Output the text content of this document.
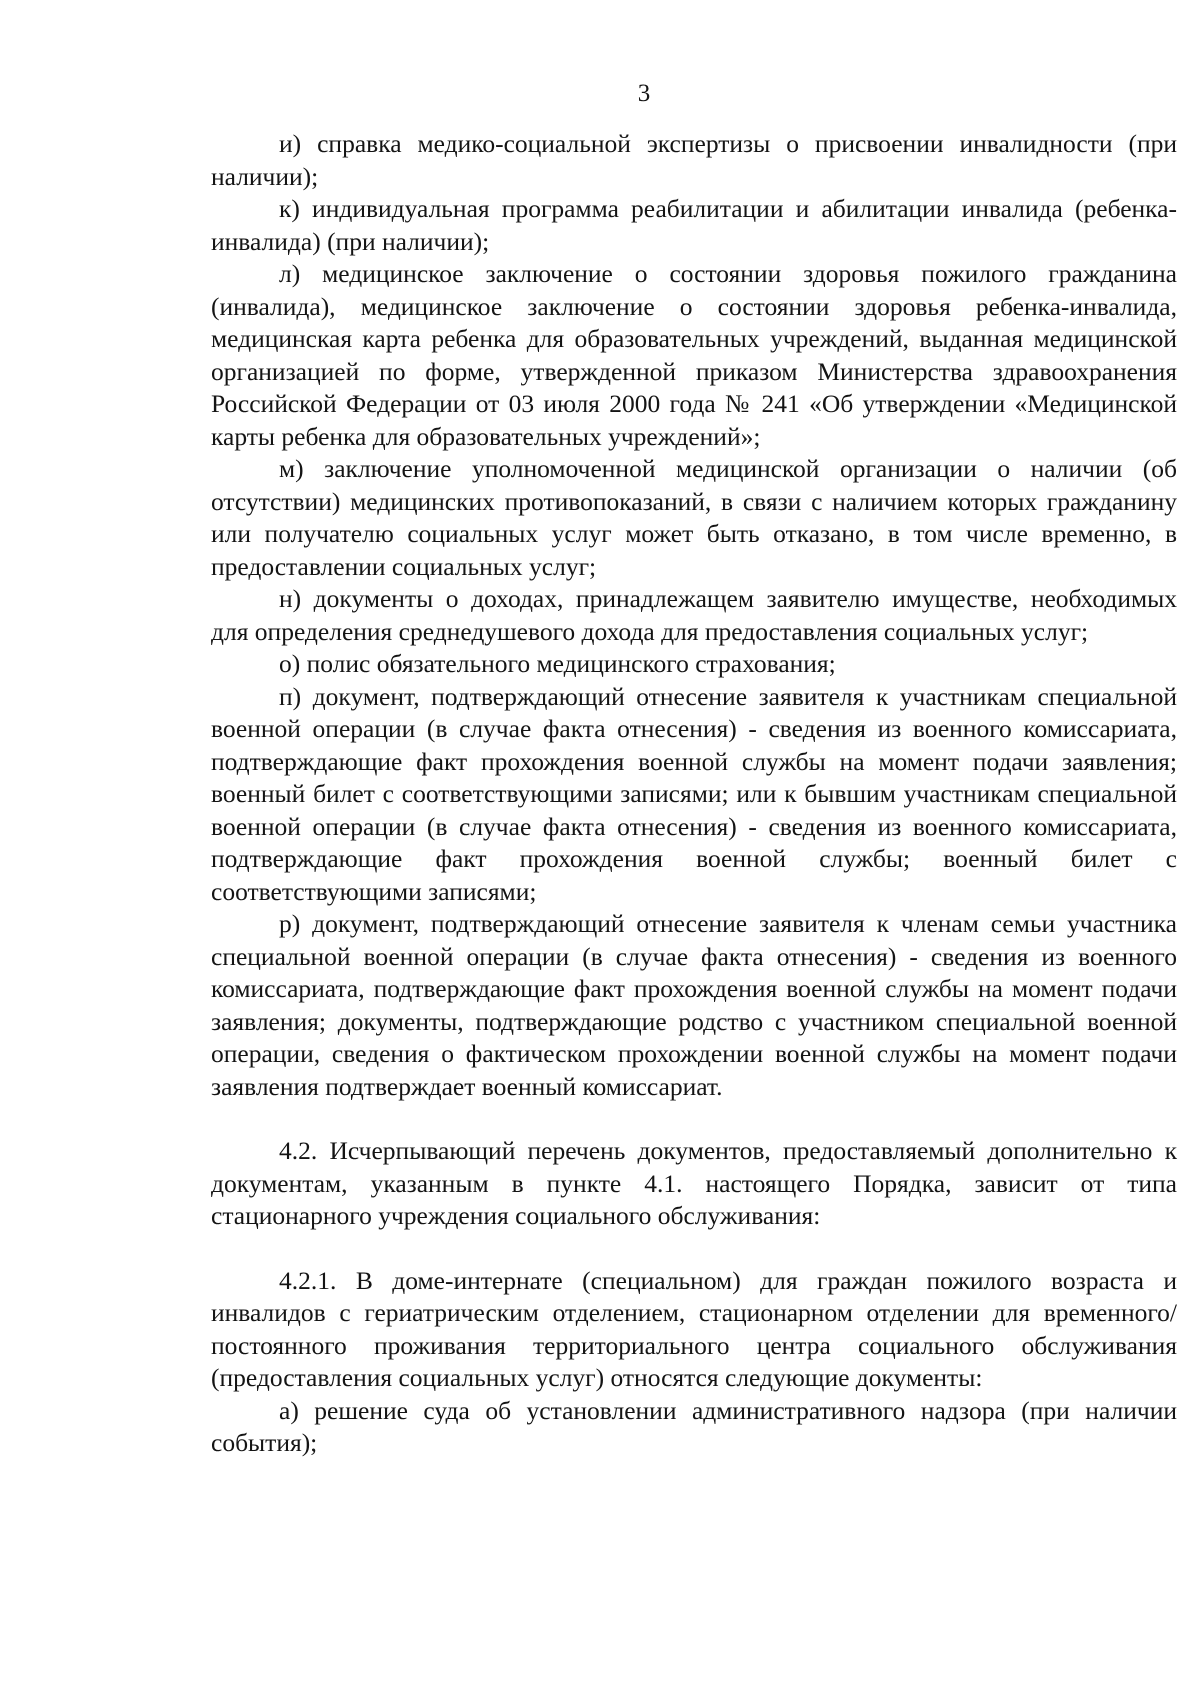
3

и) справка медико-социальной экспертизы о присвоении инвалидности (при наличии);

к) индивидуальная программа реабилитации и абилитации инвалида (ребенка-инвалида) (при наличии);

л) медицинское заключение о состоянии здоровья пожилого гражданина (инвалида), медицинское заключение о состоянии здоровья ребенка-инвалида, медицинская карта ребенка для образовательных учреждений, выданная медицинской организацией по форме, утвержденной приказом Министерства здравоохранения Российской Федерации от 03 июля 2000 года № 241 «Об утверждении «Медицинской карты ребенка для образовательных учреждений»;

м) заключение уполномоченной медицинской организации о наличии (об отсутствии) медицинских противопоказаний, в связи с наличием которых гражданину или получателю социальных услуг может быть отказано, в том числе временно, в предоставлении социальных услуг;

н) документы о доходах, принадлежащем заявителю имуществе, необходимых для определения среднедушевого дохода для предоставления социальных услуг;

о) полис обязательного медицинского страхования;

п) документ, подтверждающий отнесение заявителя к участникам специальной военной операции (в случае факта отнесения) - сведения из военного комиссариата, подтверждающие факт прохождения военной службы на момент подачи заявления; военный билет с соответствующими записями; или к бывшим участникам специальной военной операции (в случае факта отнесения) - сведения из военного комиссариата, подтверждающие факт прохождения военной службы; военный билет с соответствующими записями;

р) документ, подтверждающий отнесение заявителя к членам семьи участника специальной военной операции (в случае факта отнесения) - сведения из военного комиссариата, подтверждающие факт прохождения военной службы на момент подачи заявления; документы, подтверждающие родство с участником специальной военной операции, сведения о фактическом прохождении военной службы на момент подачи заявления подтверждает военный комиссариат.

4.2. Исчерпывающий перечень документов, предоставляемый дополнительно к документам, указанным в пункте 4.1. настоящего Порядка, зависит от типа стационарного учреждения социального обслуживания:

4.2.1. В доме-интернате (специальном) для граждан пожилого возраста и инвалидов с гериатрическим отделением, стационарном отделении для временного/постоянного проживания территориального центра социального обслуживания (предоставления социальных услуг) относятся следующие документы:

а) решение суда об установлении административного надзора (при наличии события);
